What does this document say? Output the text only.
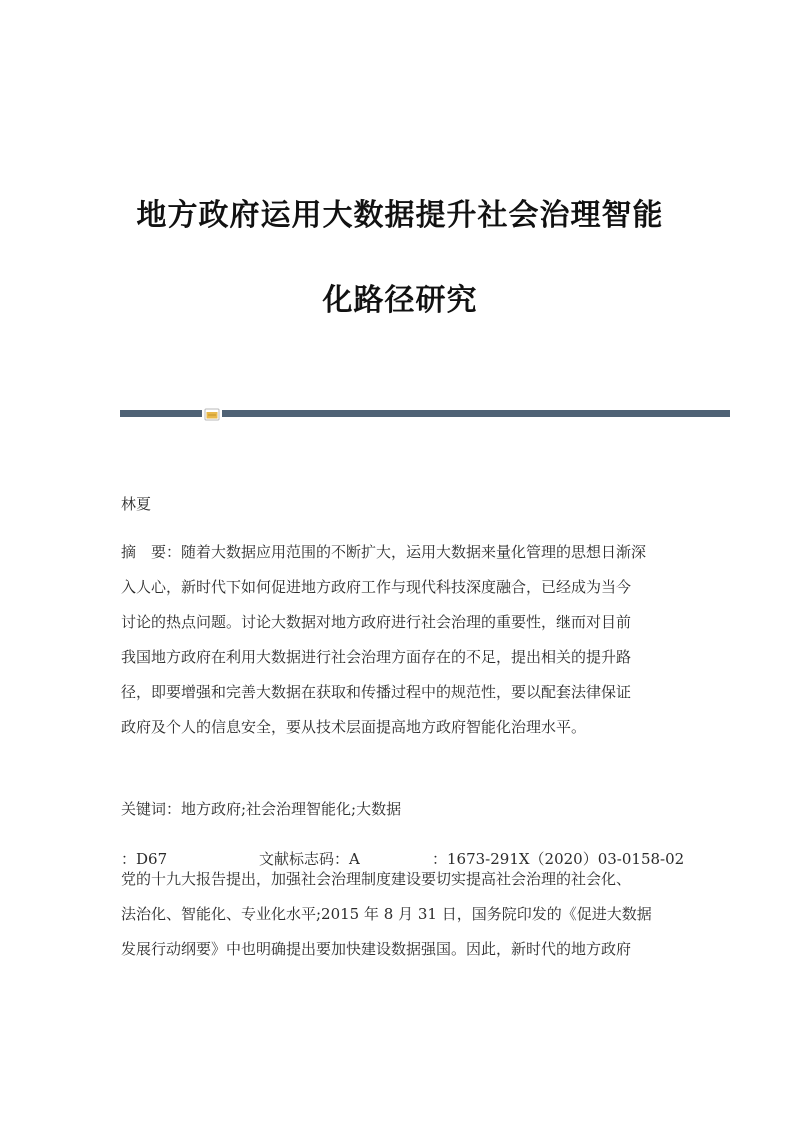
地方政府运用大数据提升社会治理智能
化路径研究
林夏
摘　要：随着大数据应用范围的不断扩大，运用大数据来量化管理的思想日渐深
入人心，新时代下如何促进地方政府工作与现代科技深度融合，已经成为当今
讨论的热点问题。讨论大数据对地方政府进行社会治理的重要性，继而对目前
我国地方政府在利用大数据进行社会治理方面存在的不足，提出相关的提升路
径，即要增强和完善大数据在获取和传播过程中的规范性，要以配套法律保证
政府及个人的信息安全，要从技术层面提高地方政府智能化治理水平。
关键词：地方政府;社会治理智能化;大数据
：D67	文献标志码：A	：1673-291X（2020）03-0158-02
党的十九大报告提出，加强社会治理制度建设要切实提高社会治理的社会化、
法治化、智能化、专业化水平;2015 年 8 月 31 日，国务院印发的《促进大数据
发展行动纲要》中也明确提出要加快建设数据强国。因此，新时代的地方政府
